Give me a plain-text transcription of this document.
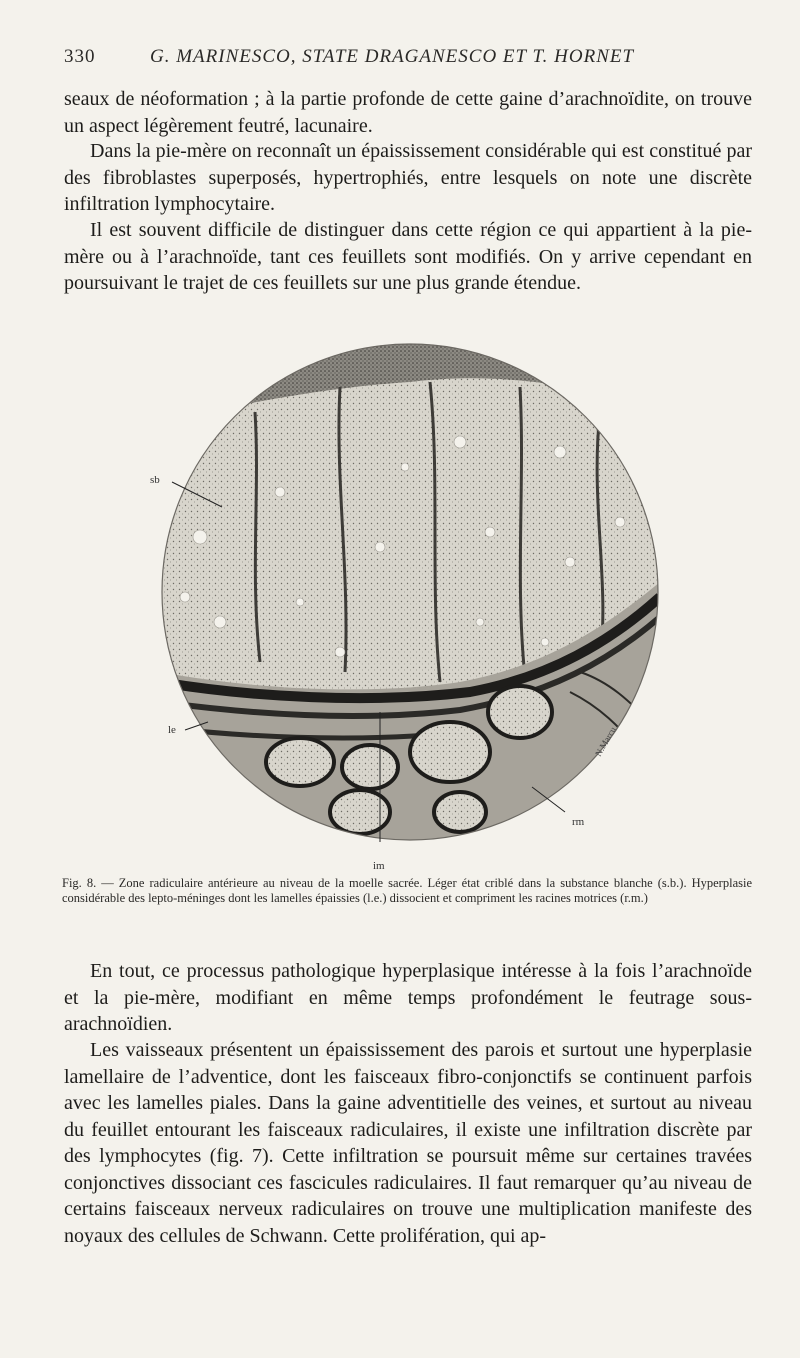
330	G. MARINESCO, STATE DRAGANESCO ET T. HORNET

seaux de néoformation ; à la partie profonde de cette gaine d’arachnoïdite, on trouve un aspect légèrement feutré, lacunaire.

Dans la pie-mère on reconnaît un épaississement considérable qui est constitué par des fibroblastes superposés, hypertrophiés, entre lesquels on note une discrète infiltration lymphocytaire.

Il est souvent difficile de distinguer dans cette région ce qui appartient à la pie-mère ou à l’arachnoïde, tant ces feuillets sont modifiés. On y arrive cependant en poursuivant le trajet de ces feuillets sur une plus grande étendue.

N.Marcu
sb
le
rm
im
Fig. 8. — Zone radiculaire antérieure au niveau de la moelle sacrée. Léger état criblé dans la substance blanche (s.b.). Hyperplasie considérable des lepto-méninges dont les lamelles épaissies (l.e.) dissocient et compriment les racines motrices (r.m.)

En tout, ce processus pathologique hyperplasique intéresse à la fois l’arachnoïde et la pie-mère, modifiant en même temps profondément le feutrage sous-arachnoïdien.

Les vaisseaux présentent un épaississement des parois et surtout une hyperplasie lamellaire de l’adventice, dont les faisceaux fibro-conjonctifs se continuent parfois avec les lamelles piales. Dans la gaine adventitielle des veines, et surtout au niveau du feuillet entourant les faisceaux radiculaires, il existe une infiltration discrète par des lymphocytes (fig. 7). Cette infiltration se poursuit même sur certaines travées conjonctives dissociant ces fascicules radiculaires. Il faut remarquer qu’au niveau de certains faisceaux nerveux radiculaires on trouve une multiplication manifeste des noyaux des cellules de Schwann. Cette prolifération, qui ap-
